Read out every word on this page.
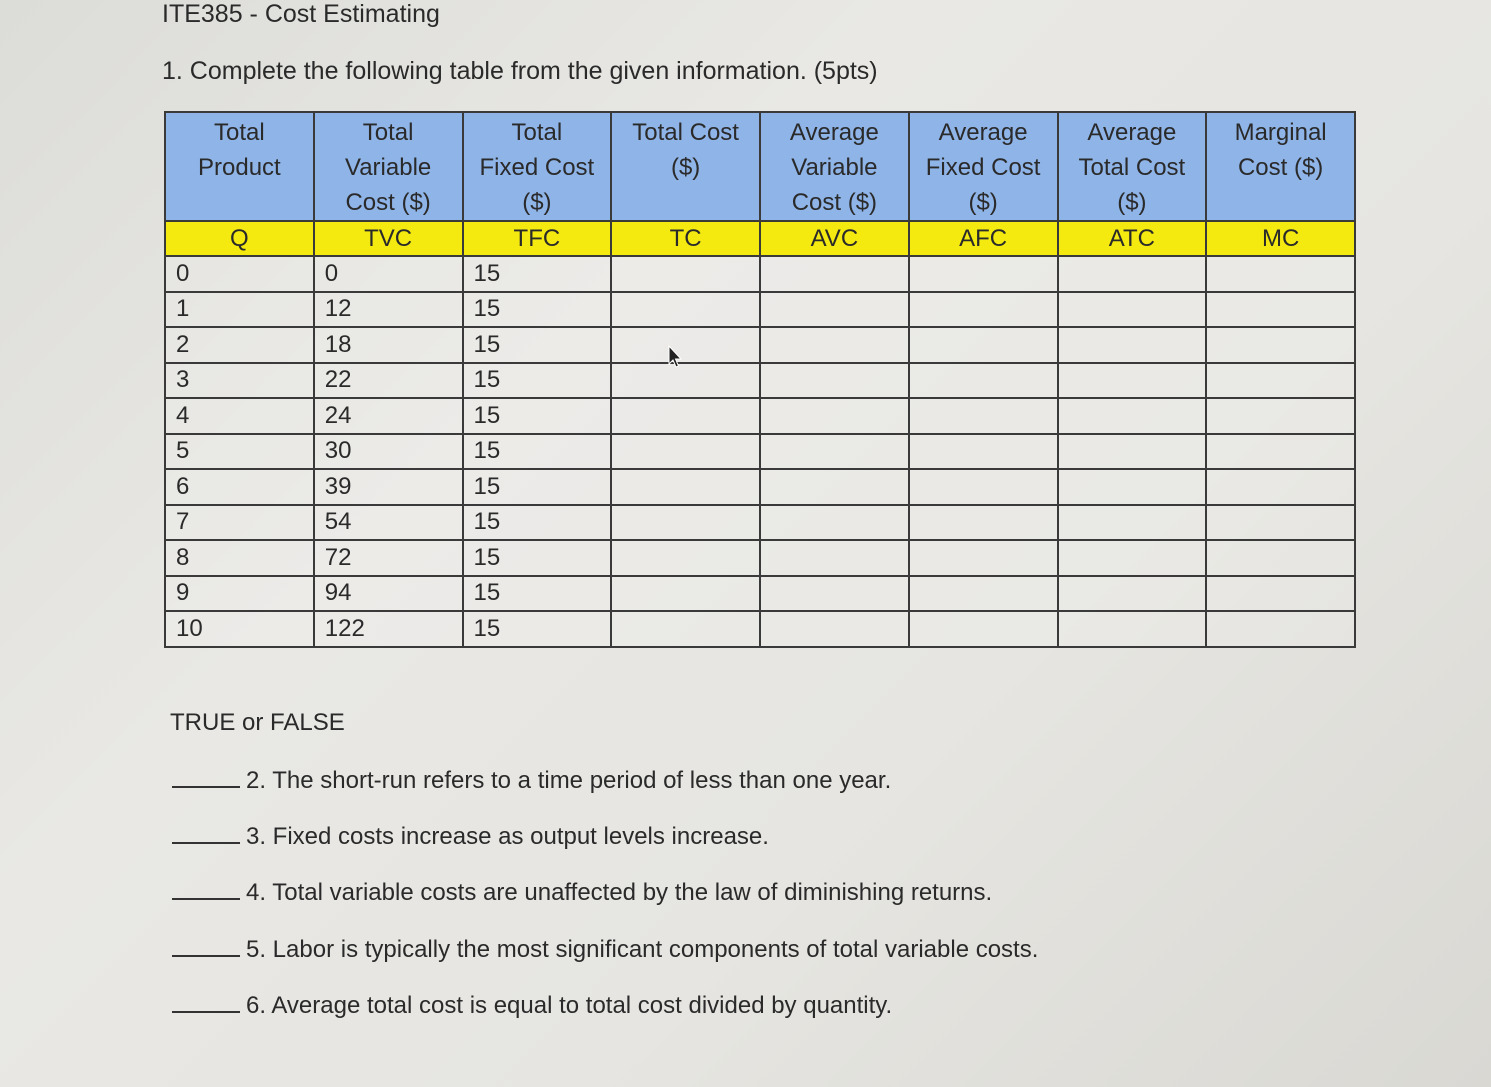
ITE385 - Cost Estimating
1. Complete the following table from the given information. (5pts)
Total
Product	Total
Variable
Cost ($)	Total
Fixed Cost
($)	Total Cost
($)	Average
Variable
Cost ($)	Average
Fixed Cost
($)	Average
Total Cost
($)	Marginal
Cost ($)
Q	TVC	TFC	TC	AVC	AFC	ATC	MC
0	0	15					
1	12	15					
2	18	15					
3	22	15					
4	24	15					
5	30	15					
6	39	15					
7	54	15					
8	72	15					
9	94	15					
10	122	15					
TRUE or FALSE
2. The short-run refers to a time period of less than one year.
3. Fixed costs increase as output levels increase.
4. Total variable costs are unaffected by the law of diminishing returns.
5. Labor is typically the most significant components of total variable costs.
6. Average total cost is equal to total cost divided by quantity.
